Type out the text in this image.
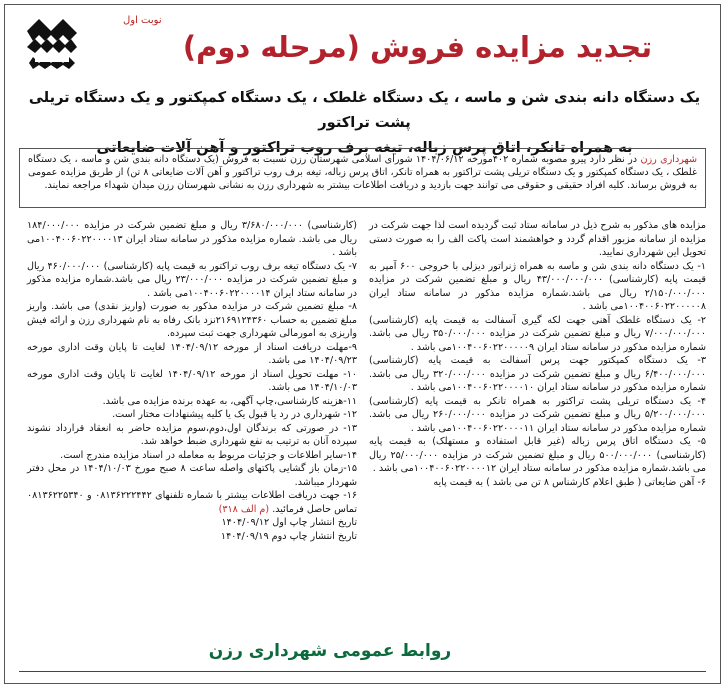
نوبت اول
تجدید مزایده فروش (مرحله دوم)
یک دستگاه دانه بندی شن و ماسه ، یک دستگاه غلطک ، یک دستگاه کمپکتور و یک دستگاه تریلی پشت تراکتور
به همراه تانکر، اتاق پرس زباله، تیغه برف روب تراکتور و آهن آلات ضایعاتی
شهرداری رزن در نظر دارد پیرو مصوبه شماره ۴۰۲مورخه ۱۴۰۴/۰۶/۱۲ شورای اسلامی شهرستان رزن نسبت به فروش (یک دستگاه دانه بندی شن و ماسه ، یک دستگاه غلطک ، یک دستگاه کمپکتور و یک دستگاه تریلی پشت تراکتور به همراه تانکر، اتاق پرس زباله، تیغه برف روب تراکتور و آهن آلات ضایعاتی ۸ تن) از طریق مزایده عمومی به فروش برساند. کلیه افراد حقیقی و حقوقی می توانند جهت بازدید و دریافت اطلاعات بیشتر به شهرداری رزن به نشانی شهرستان رزن میدان شهداء مراجعه نمایند.

مزایده های مذکور به شرح ذیل در سامانه ستاد ثبت گردیده است لذا جهت شرکت در مزایده از سامانه مزبور اقدام گردد و خواهشمند است پاکت الف را به صورت دستی تحویل این شهرداری نمایید.

۱- یک دستگاه دانه بندی شن و ماسه به همراه ژنراتور دیزلی با خروجی ۶۰۰ آمپر به قیمت پایه (کارشناسی) ۴۳/۰۰۰/۰۰۰/۰۰۰ ریال و مبلغ تضمین شرکت در مزایده ۲/۱۵۰/۰۰۰/۰۰۰ ریال می باشد.شماره مزایده مذکور در سامانه ستاد ایران ۱۰۰۴۰۰۶۰۲۲۰۰۰۰۰۸می باشد .

۲- یک دستگاه غلطک آهنی جهت لکه گیری آسفالت به قیمت پایه (کارشناسی) ۷/۰۰۰/۰۰۰/۰۰۰ ریال و مبلغ تضمین شرکت در مزایده ۳۵۰/۰۰۰/۰۰۰ ریال می باشد. شماره مزایده مذکور در سامانه ستاد ایران ۱۰۰۴۰۰۶۰۲۲۰۰۰۰۰۹می باشد .

۳- یک دستگاه کمپکتور جهت پرس آسفالت به قیمت پایه (کارشناسی) ۶/۴۰۰/۰۰۰/۰۰۰ ریال و مبلغ تضمین شرکت در مزایده ۳۲۰/۰۰۰/۰۰۰ ریال می باشد. شماره مزایده مذکور در سامانه ستاد ایران ۱۰۰۴۰۰۶۰۲۲۰۰۰۰۱۰می باشد .

۴- یک دستگاه تریلی پشت تراکتور به همراه تانکر به قیمت پایه (کارشناسی) ۵/۲۰۰/۰۰۰/۰۰۰ ریال و مبلغ تضمین شرکت در مزایده ۲۶۰/۰۰۰/۰۰۰ ریال می باشد. شماره مزایده مذکور در سامانه ستاد ایران ۱۰۰۴۰۰۶۰۲۲۰۰۰۰۱۱می باشد .

۵- یک دستگاه اتاق پرس زباله (غیر قابل استفاده و مستهلک) به قیمت پایه (کارشناسی) ۵۰۰/۰۰۰/۰۰۰ ریال و مبلغ تضمین شرکت در مزایده ۲۵/۰۰۰/۰۰۰ ریال می باشد.شماره مزایده مذکور در سامانه ستاد ایران ۱۰۰۴۰۰۶۰۲۲۰۰۰۰۱۲می باشد .

۶- آهن ضایعاتی ( طبق اعلام کارشناس ۸ تن می باشد ) به قیمت پایه

(کارشناسی) ۳/۶۸۰/۰۰۰/۰۰۰ ریال و مبلغ تضمین شرکت در مزایده ۱۸۴/۰۰۰/۰۰۰ ریال می باشد. شماره مزایده مذکور در سامانه ستاد ایران ۱۰۰۴۰۰۶۰۲۲۰۰۰۰۱۳می باشد .

۷- یک دستگاه تیغه برف روب تراکتور به قیمت پایه (کارشناسی) ۴۶۰/۰۰۰/۰۰۰ ریال و مبلغ تضمین شرکت در مزایده ۲۳/۰۰۰/۰۰۰ ریال می باشد.شماره مزایده مذکور در سامانه ستاد ایران ۱۰۰۴۰۰۶۰۲۲۰۰۰۰۱۴می باشد .

۸- مبلغ تضمین شرکت در مزایده مذکور به صورت (واریز نقدی) می باشد. واریز مبلغ تضمین به حساب ۲۱۶۹۱۲۴۳۶۰نزد بانک رفاه به نام شهرداری رزن و ارائه فیش واریزی به امورمالی شهرداری جهت ثبت سپرده.

۹-مهلت دریافت اسناد از مورخه ۱۴۰۴/۰۹/۱۲ لغایت تا پایان وقت اداری مورخه ۱۴۰۴/۰۹/۲۳ می باشد.

۱۰- مهلت تحویل اسناد از مورخه ۱۴۰۴/۰۹/۱۲ لغایت تا پایان وقت اداری مورخه ۱۴۰۴/۱۰/۰۳ می باشد.

۱۱-هزینه کارشناسی،چاپ آگهی، به عهده برنده مزایده می باشد.

۱۲- شهرداری در رد یا قبول یک یا کلیه پیشنهادات مختار است.

۱۳- در صورتی که برندگان اول،دوم،سوم مزایده حاضر به انعقاد قرارداد نشوند سپرده آنان به ترتیب به نفع شهرداری ضبط خواهد شد.

۱۴-سایر اطلاعات و جزئیات مربوط به معامله در اسناد مزایده مندرج است.

۱۵-زمان باز گشایی پاکتهای واصله ساعت ۸ صبح مورخ ۱۴۰۴/۱۰/۰۳ در محل دفتر شهردار میباشد.

۱۶- جهت دریافت اطلاعات بیشتر با شماره تلفنهای ۰۸۱۳۶۲۲۲۴۴۲ و ۰۸۱۳۶۲۲۵۳۴۰ تماس حاصل فرمائید. (م الف ۳۱۸)

تاریخ انتشار چاپ اول ۱۴۰۴/۰۹/۱۲

تاریخ انتشار چاپ دوم ۱۴۰۴/۰۹/۱۹

روابط عمومی شهرداری رزن
